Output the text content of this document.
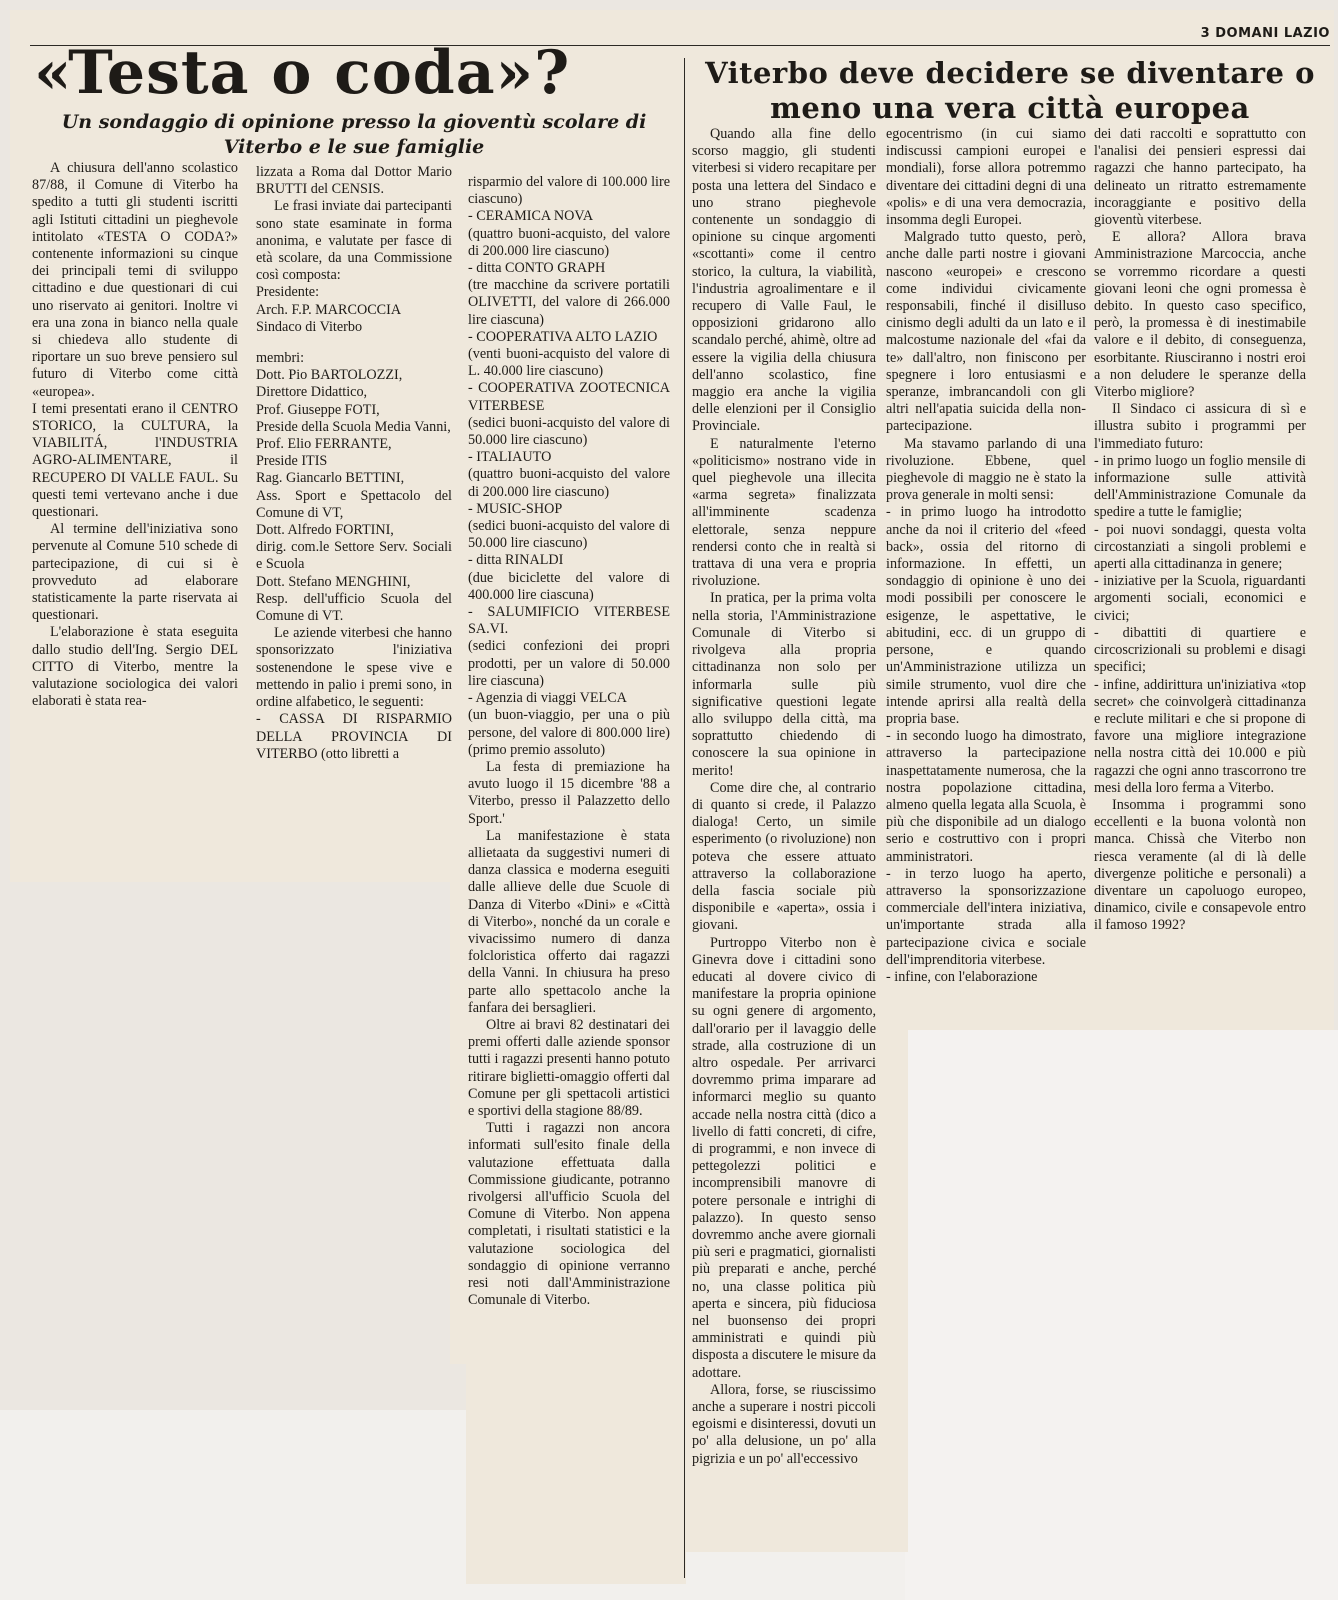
3 DOMANI LAZIO
«Testa o coda»?
Un sondaggio di opinione presso la gioventù scolare di Viterbo e le sue famiglie
Viterbo deve decidere se diventare o meno una vera città europea

A chiusura dell'anno scolastico 87/88, il Comune di Viterbo ha spedito a tutti gli studenti iscritti agli Istituti cittadini un pieghevole intitolato «TESTA O CODA?» contenente informazioni su cinque dei principali temi di sviluppo cittadino e due questionari di cui uno riservato ai genitori. Inoltre vi era una zona in bianco nella quale si chiedeva allo studente di riportare un suo breve pensiero sul futuro di Viterbo come città «europea».

I temi presentati erano il CENTRO STORICO, la CULTURA, la VIABILITÁ, l'INDUSTRIA AGRO-ALIMENTARE, il RECUPERO DI VALLE FAUL. Su questi temi vertevano anche i due questionari.

Al termine dell'iniziativa sono pervenute al Comune 510 schede di partecipazione, di cui si è provveduto ad elaborare statisticamente la parte riservata ai questionari.

L'elaborazione è stata eseguita dallo studio dell'Ing. Sergio DEL CITTO di Viterbo, mentre la valutazione sociologica dei valori elaborati è stata rea-

lizzata a Roma dal Dottor Mario BRUTTI del CENSIS.

Le frasi inviate dai partecipanti sono state esaminate in forma anonima, e valutate per fasce di età scolare, da una Commissione così composta:

Presidente:

Arch. F.P. MARCOCCIA

Sindaco di Viterbo

membri:

Dott. Pio BARTOLOZZI,

Direttore Didattico,

Prof. Giuseppe FOTI,

Preside della Scuola Media Vanni,

Prof. Elio FERRANTE,

Preside ITIS

Rag. Giancarlo BETTINI,

Ass. Sport e Spettacolo del Comune di VT,

Dott. Alfredo FORTINI,

dirig. com.le Settore Serv. Sociali e Scuola

Dott. Stefano MENGHINI,

Resp. dell'ufficio Scuola del Comune di VT.

Le aziende viterbesi che hanno sponsorizzato l'iniziativa sostenendone le spese vive e mettendo in palio i premi sono, in ordine alfabetico, le seguenti:

- CASSA DI RISPARMIO DELLA PROVINCIA DI VITERBO (otto libretti a

risparmio del valore di 100.000 lire ciascuno)

- CERAMICA NOVA

(quattro buoni-acquisto, del valore di 200.000 lire ciascuno)

- ditta CONTO GRAPH

(tre macchine da scrivere portatili OLIVETTI, del valore di 266.000 lire ciascuna)

- COOPERATIVA ALTO LAZIO

(venti buoni-acquisto del valore di L. 40.000 lire ciascuno)

- COOPERATIVA ZOOTECNICA VITERBESE

(sedici buoni-acquisto del valore di 50.000 lire ciascuno)

- ITALIAUTO

(quattro buoni-acquisto del valore di 200.000 lire ciascuno)

- MUSIC-SHOP

(sedici buoni-acquisto del valore di 50.000 lire ciascuno)

- ditta RINALDI

(due biciclette del valore di 400.000 lire ciascuna)

- SALUMIFICIO VITERBESE SA.VI.

(sedici confezioni dei propri prodotti, per un valore di 50.000 lire ciascuna)

- Agenzia di viaggi VELCA

(un buon-viaggio, per una o più persone, del valore di 800.000 lire) (primo premio assoluto)

La festa di premiazione ha avuto luogo il 15 dicembre '88 a Viterbo, presso il Palazzetto dello Sport.'

La manifestazione è stata allietaata da suggestivi numeri di danza classica e moderna eseguiti dalle allieve delle due Scuole di Danza di Viterbo «Dini» e «Città di Viterbo», nonché da un corale e vivacissimo numero di danza folcloristica offerto dai ragazzi della Vanni. In chiusura ha preso parte allo spettacolo anche la fanfara dei bersaglieri.

Oltre ai bravi 82 destinatari dei premi offerti dalle aziende sponsor tutti i ragazzi presenti hanno potuto ritirare biglietti-omaggio offerti dal Comune per gli spettacoli artistici e sportivi della stagione 88/89.

Tutti i ragazzi non ancora informati sull'esito finale della valutazione effettuata dalla Commissione giudicante, potranno rivolgersi all'ufficio Scuola del Comune di Viterbo. Non appena completati, i risultati statistici e la valutazione sociologica del sondaggio di opinione verranno resi noti dall'Amministrazione Comunale di Viterbo.

Quando alla fine dello scorso maggio, gli studenti viterbesi si videro recapitare per posta una lettera del Sindaco e uno strano pieghevole contenente un sondaggio di opinione su cinque argomenti «scottanti» come il centro storico, la cultura, la viabilità, l'industria agroalimentare e il recupero di Valle Faul, le opposizioni gridarono allo scandalo perché, ahimè, oltre ad essere la vigilia della chiusura dell'anno scolastico, fine maggio era anche la vigilia delle elenzioni per il Consiglio Provinciale.

E naturalmente l'eterno «politicismo» nostrano vide in quel pieghevole una illecita «arma segreta» finalizzata all'imminente scadenza elettorale, senza neppure rendersi conto che in realtà si trattava di una vera e propria rivoluzione.

In pratica, per la prima volta nella storia, l'Amministrazione Comunale di Viterbo si rivolgeva alla propria cittadinanza non solo per informarla sulle più significative questioni legate allo sviluppo della città, ma soprattutto chiedendo di conoscere la sua opinione in merito!

Come dire che, al contrario di quanto si crede, il Palazzo dialoga! Certo, un simile esperimento (o rivoluzione) non poteva che essere attuato attraverso la collaborazione della fascia sociale più disponibile e «aperta», ossia i giovani.

Purtroppo Viterbo non è Ginevra dove i cittadini sono educati al dovere civico di manifestare la propria opinione su ogni genere di argomento, dall'orario per il lavaggio delle strade, alla costruzione di un altro ospedale. Per arrivarci dovremmo prima imparare ad informarci meglio su quanto accade nella nostra città (dico a livello di fatti concreti, di cifre, di programmi, e non invece di pettegolezzi politici e incomprensibili manovre di potere personale e intrighi di palazzo). In questo senso dovremmo anche avere giornali più seri e pragmatici, giornalisti più preparati e anche, perché no, una classe politica più aperta e sincera, più fiduciosa nel buonsenso dei propri amministrati e quindi più disposta a discutere le misure da adottare.

Allora, forse, se riuscissimo anche a superare i nostri piccoli egoismi e disinteressi, dovuti un po' alla delusione, un po' alla pigrizia e un po' all'eccessivo

egocentrismo (in cui siamo indiscussi campioni europei e mondiali), forse allora potremmo diventare dei cittadini degni di una «polis» e di una vera democrazia, insomma degli Europei.

Malgrado tutto questo, però, anche dalle parti nostre i giovani nascono «europei» e crescono come individui civicamente responsabili, finché il disilluso cinismo degli adulti da un lato e il malcostume nazionale del «fai da te» dall'altro, non finiscono per spegnere i loro entusiasmi e speranze, imbrancandoli con gli altri nell'apatia suicida della non-partecipazione.

Ma stavamo parlando di una rivoluzione. Ebbene, quel pieghevole di maggio ne è stato la prova generale in molti sensi:

- in primo luogo ha introdotto anche da noi il criterio del «feed back», ossia del ritorno di informazione. In effetti, un sondaggio di opinione è uno dei modi possibili per conoscere le esigenze, le aspettative, le abitudini, ecc. di un gruppo di persone, e quando un'Amministrazione utilizza un simile strumento, vuol dire che intende aprirsi alla realtà della propria base.

- in secondo luogo ha dimostrato, attraverso la partecipazione inaspettatamente numerosa, che la nostra popolazione cittadina, almeno quella legata alla Scuola, è più che disponibile ad un dialogo serio e costruttivo con i propri amministratori.

- in terzo luogo ha aperto, attraverso la sponsorizzazione commerciale dell'intera iniziativa, un'importante strada alla partecipazione civica e sociale dell'imprenditoria viterbese.

- infine, con l'elaborazione

dei dati raccolti e soprattutto con l'analisi dei pensieri espressi dai ragazzi che hanno partecipato, ha delineato un ritratto estremamente incoraggiante e positivo della gioventù viterbese.

E allora? Allora brava Amministrazione Marcoccia, anche se vorremmo ricordare a questi giovani leoni che ogni promessa è debito. In questo caso specifico, però, la promessa è di inestimabile valore e il debito, di conseguenza, esorbitante. Riusciranno i nostri eroi a non deludere le speranze della Viterbo migliore?

Il Sindaco ci assicura di sì e illustra subito i programmi per l'immediato futuro:

- in primo luogo un foglio mensile di informazione sulle attività dell'Amministrazione Comunale da spedire a tutte le famiglie;

- poi nuovi sondaggi, questa volta circostanziati a singoli problemi e aperti alla cittadinanza in genere;

- iniziative per la Scuola, riguardanti argomenti sociali, economici e civici;

- dibattiti di quartiere e circoscrizionali su problemi e disagi specifici;

- infine, addirittura un'iniziativa «top secret» che coinvolgerà cittadinanza e reclute militari e che si propone di favore una migliore integrazione nella nostra città dei 10.000 e più ragazzi che ogni anno trascorrono tre mesi della loro ferma a Viterbo.

Insomma i programmi sono eccellenti e la buona volontà non manca. Chissà che Viterbo non riesca veramente (al di là delle divergenze politiche e personali) a diventare un capoluogo europeo, dinamico, civile e consapevole entro il famoso 1992?
